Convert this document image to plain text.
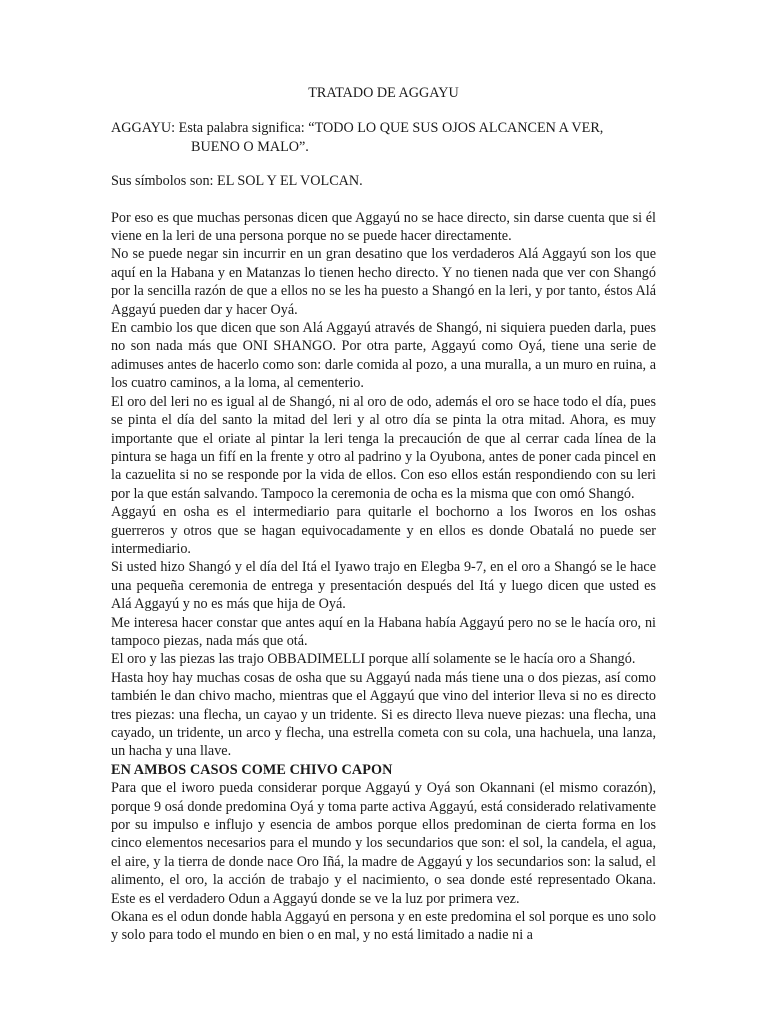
TRATADO DE AGGAYU
AGGAYU: Esta palabra significa: “TODO LO QUE SUS OJOS ALCANCEN A VER,
BUENO O MALO”.
Sus símbolos son: EL SOL Y EL VOLCAN.

Por eso es que muchas personas dicen que Aggayú no se hace directo, sin darse cuenta que si él viene en la leri de una persona porque no se puede hacer directamente.

No se puede negar sin incurrir en un gran desatino que los verdaderos Alá Aggayú son los que aquí en la Habana y en Matanzas lo tienen hecho directo. Y no tienen nada que ver con Shangó por la sencilla razón de que a ellos no se les ha puesto a Shangó en la leri, y por tanto, éstos Alá Aggayú pueden dar y hacer Oyá.

En cambio los que dicen que son Alá Aggayú através de Shangó, ni siquiera pueden darla, pues no son nada más que ONI SHANGO. Por otra parte, Aggayú como Oyá, tiene una serie de adimuses antes de hacerlo como son: darle comida al pozo, a una muralla, a un muro en ruina, a los cuatro caminos, a la loma, al cementerio.

El oro del leri no es igual al de Shangó, ni al oro de odo, además el oro se hace todo el día, pues se pinta el día del santo la mitad del leri y al otro día se pinta la otra mitad. Ahora, es muy importante que el oriate al pintar la leri tenga la precaución de que al cerrar cada línea de la pintura se haga un fifí en la frente y otro al padrino y la Oyubona, antes de poner cada pincel en la cazuelita si no se responde por la vida de ellos. Con eso ellos están respondiendo con su leri por la que están salvando. Tampoco la ceremonia de ocha es la misma que con omó Shangó.

Aggayú en osha es el intermediario para quitarle el bochorno a los Iworos en los oshas guerreros y otros que se hagan equivocadamente y en ellos es donde Obatalá no puede ser intermediario.

Si usted hizo Shangó y el día del Itá el Iyawo trajo en Elegba 9-7, en el oro a Shangó se le hace una pequeña ceremonia de entrega y presentación después del Itá y luego dicen que usted es Alá Aggayú y no es más que hija de Oyá.

Me interesa hacer constar que antes aquí en la Habana había Aggayú pero no se le hacía oro, ni tampoco piezas, nada más que otá.

El oro y las piezas las trajo OBBADIMELLI porque allí solamente se le hacía oro a Shangó.

Hasta hoy hay muchas cosas de osha que su Aggayú nada más tiene una o dos piezas, así como también le dan chivo macho, mientras que el Aggayú que vino del interior lleva si no es directo tres piezas: una flecha, un cayao y un tridente. Si es directo lleva nueve piezas: una flecha, una cayado, un tridente, un arco y flecha, una estrella cometa con su cola, una hachuela, una lanza, un hacha y una llave.

EN AMBOS CASOS COME CHIVO CAPON

Para que el iworo pueda considerar porque Aggayú y Oyá son Okannani (el mismo corazón), porque 9 osá donde predomina Oyá y toma parte activa Aggayú, está considerado relativamente por su impulso e influjo y esencia de ambos porque ellos predominan de cierta forma en los cinco elementos necesarios para el mundo y los secundarios que son: el sol, la candela, el agua, el aire, y la tierra de donde nace Oro Iñá, la madre de Aggayú y los secundarios son: la salud, el alimento, el oro, la acción de trabajo y el nacimiento, o sea donde esté representado Okana. Este es el verdadero Odun a Aggayú donde se ve la luz por primera vez.

Okana es el odun donde habla Aggayú en persona y en este predomina el sol porque es uno solo y solo para todo el mundo en bien o en mal, y no está limitado a nadie ni a
